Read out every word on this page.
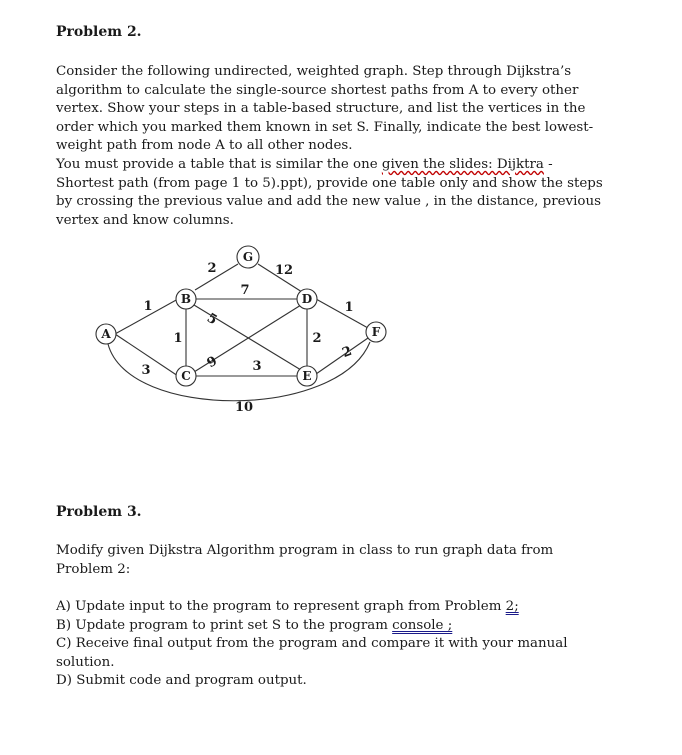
Problem 2.

Consider the following undirected, weighted graph. Step through Dijkstra’s

algorithm to calculate the single-source shortest paths from A to every other

vertex. Show your steps in a table-based structure, and list the vertices in the

order which you marked them known in set S. Finally, indicate the best lowest-

weight path from node A to all other nodes.

You must provide a table that is similar the one given the slides: Dijktra -

Shortest path (from page 1 to 5).ppt), provide one table only and show the steps

by crossing the previous value and add the new value , in the distance, previous

vertex and know columns.

A
B
C
D
E
F
G
1
3
10
1
2
7
5
9	3
12
2
1
2
Problem 3.

Modify given Dijkstra Algorithm program in class to run graph data from

Problem 2:

A) Update input to the program to represent graph from Problem 2;

B) Update program to print set S to the program console ;

C) Receive final output from the program and compare it with your manual

solution.

D) Submit code and program output.
